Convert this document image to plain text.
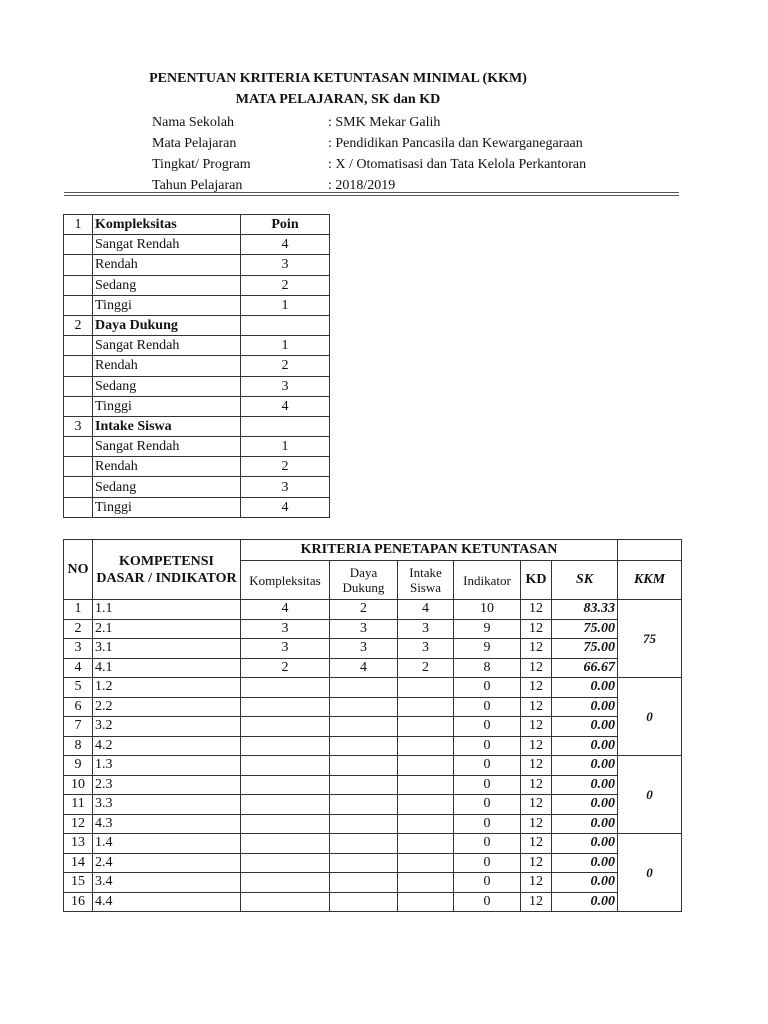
PENENTUAN KRITERIA KETUNTASAN MINIMAL (KKM)
MATA PELAJARAN, SK dan KD
Nama Sekolah	: SMK Mekar Galih
Mata Pelajaran	: Pendidikan Pancasila dan Kewarganegaraan
Tingkat/ Program	: X / Otomatisasi dan Tata Kelola Perkantoran
Tahun Pelajaran	: 2018/2019
1	Kompleksitas	Poin
	Sangat Rendah	4
	Rendah	3
	Sedang	2
	Tinggi	1
2	Daya Dukung	
	Sangat Rendah	1
	Rendah	2
	Sedang	3
	Tinggi	4
3	Intake Siswa	
	Sangat Rendah	1
	Rendah	2
	Sedang	3
	Tinggi	4
NO	KOMPETENSI DASAR / INDIKATOR	KRITERIA PENETAPAN KETUNTASAN						
		Kompleksitas	Daya Dukung	Intake Siswa	Indikator	KD	SK	KKM

1	1.1	4	2	4	10	12	83.33	75
2	2.1	3	3	3	9	12	75.00	
3	3.1	3	3	3	9	12	75.00	
4	4.1	2	4	2	8	12	66.67	
5	1.2				0	12	0.00	0
6	2.2				0	12	0.00	
7	3.2				0	12	0.00	
8	4.2				0	12	0.00	
9	1.3				0	12	0.00	0
10	2.3				0	12	0.00	
11	3.3				0	12	0.00	
12	4.3				0	12	0.00	
13	1.4				0	12	0.00	0
14	2.4				0	12	0.00	
15	3.4				0	12	0.00	
16	4.4				0	12	0.00	
